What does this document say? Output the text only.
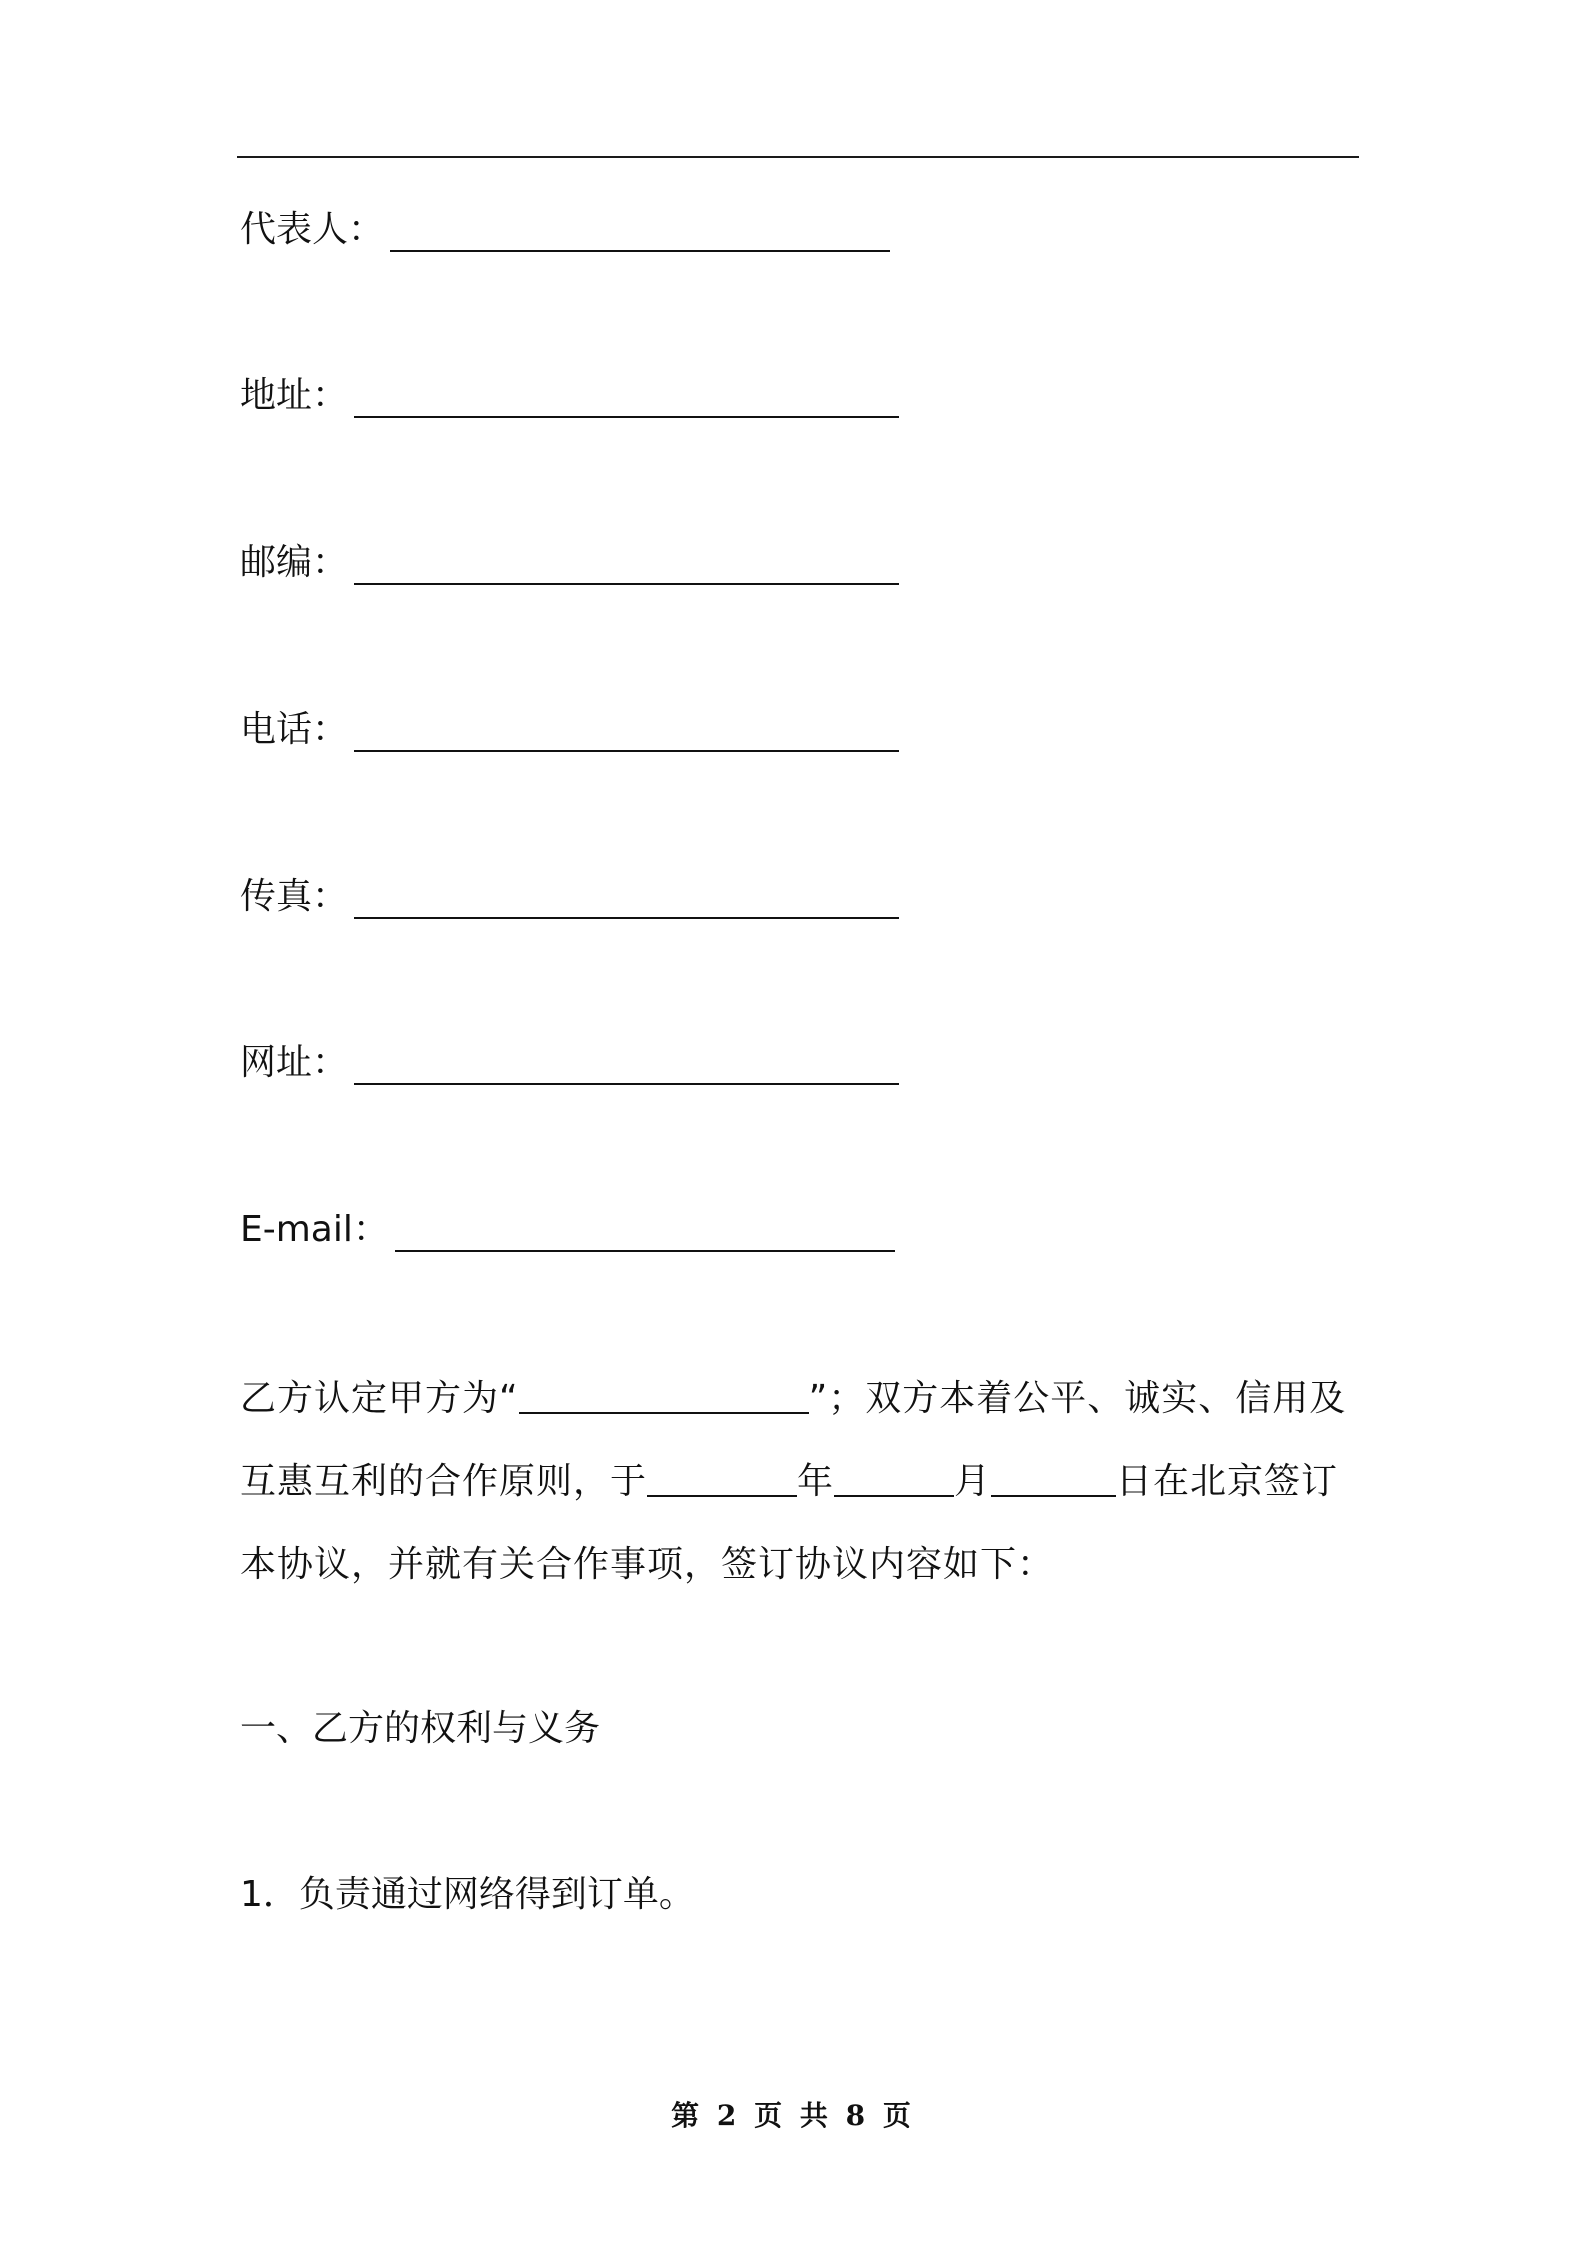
代表人：
地址：
邮编：
电话：
传真：
网址：
E-mail：
乙方认定甲方为“	”；双方本着公平、诚实、信用及互惠互利的合作原则，于	年	月	日在北京签订本协议，并就有关合作事项，签订协议内容如下：
一、乙方的权利与义务
1．负责通过网络得到订单。
第 2 页 共 8 页
